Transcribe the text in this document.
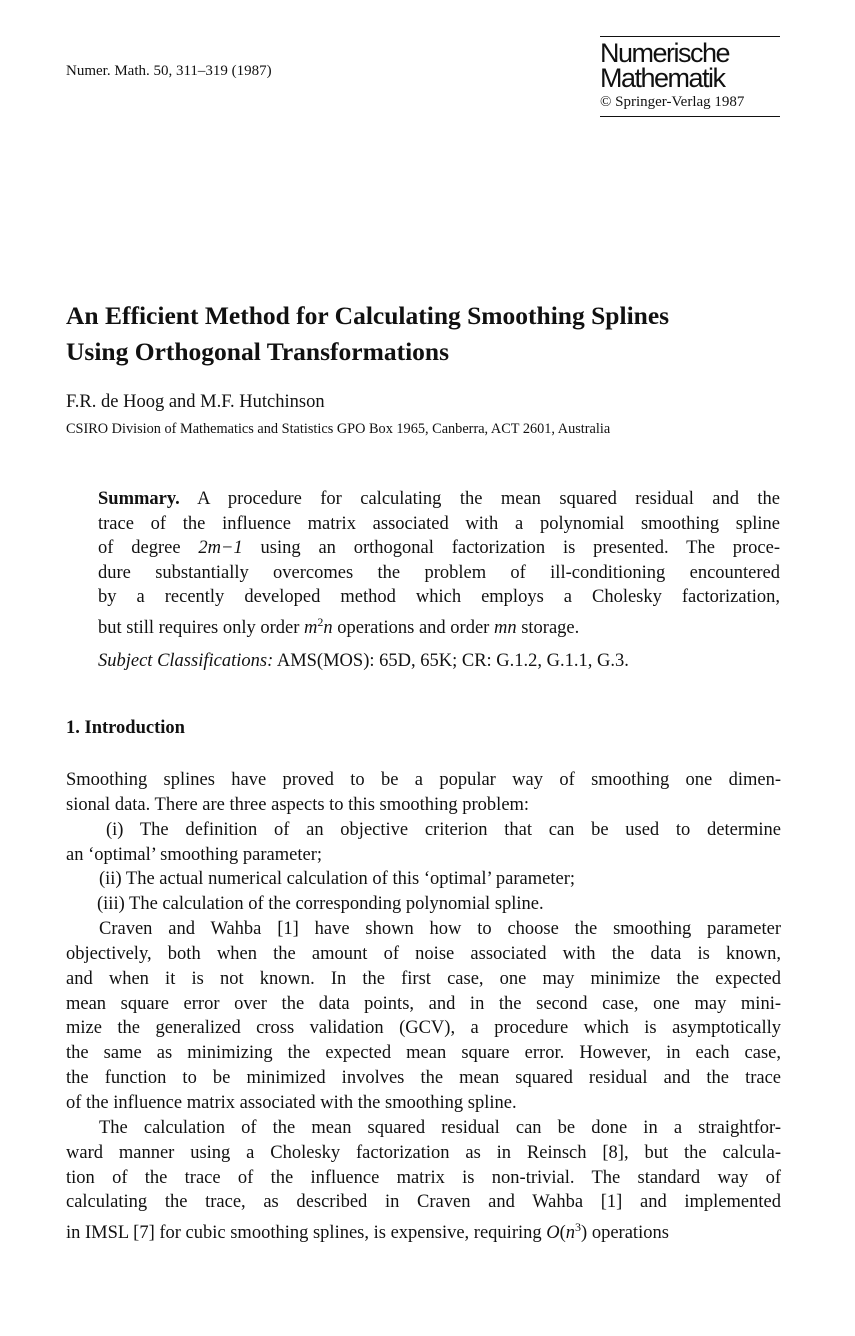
Numer. Math. 50, 311–319 (1987)
Numerische
Mathematik
© Springer-Verlag 1987
An Efficient Method for Calculating Smoothing Splines
Using Orthogonal Transformations
F.R. de Hoog and M.F. Hutchinson
CSIRO Division of Mathematics and Statistics GPO Box 1965, Canberra, ACT 2601, Australia
Summary. A procedure for calculating the mean squared residual and the
trace of the influence matrix associated with a polynomial smoothing spline
of degree 2m−1 using an orthogonal factorization is presented. The proce-
dure substantially overcomes the problem of ill-conditioning encountered
by a recently developed method which employs a Cholesky factorization,
but still requires only order $m^2n$ operations and order mn storage.
Subject Classifications: AMS(MOS): 65D, 65K; CR: G.1.2, G.1.1, G.3.
1. Introduction
Smoothing splines have proved to be a popular way of smoothing one dimen-
sional data. There are three aspects to this smoothing problem:
(i) The definition of an objective criterion that can be used to determine
an ‘optimal’ smoothing parameter;
(ii) The actual numerical calculation of this ‘optimal’ parameter;
(iii) The calculation of the corresponding polynomial spline.
Craven and Wahba [1] have shown how to choose the smoothing parameter
objectively, both when the amount of noise associated with the data is known,
and when it is not known. In the first case, one may minimize the expected
mean square error over the data points, and in the second case, one may mini-
mize the generalized cross validation (GCV), a procedure which is asymptotically
the same as minimizing the expected mean square error. However, in each case,
the function to be minimized involves the mean squared residual and the trace
of the influence matrix associated with the smoothing spline.
The calculation of the mean squared residual can be done in a straightfor-
ward manner using a Cholesky factorization as in Reinsch [8], but the calcula-
tion of the trace of the influence matrix is non-trivial. The standard way of
calculating the trace, as described in Craven and Wahba [1] and implemented
in IMSL [7] for cubic smoothing splines, is expensive, requiring $O(n^3)$ operations
